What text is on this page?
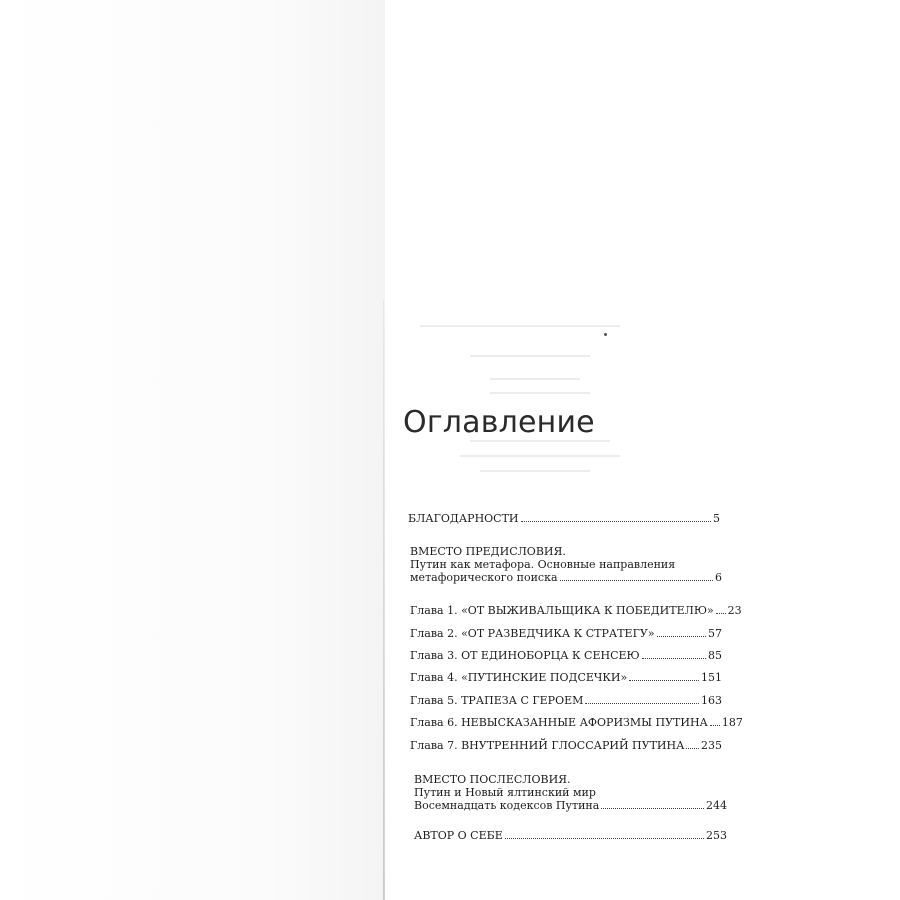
Оглавление
БЛАГОДАРНОСТИ	5
ВМЕСТО ПРЕДИСЛОВИЯ.
Путин как метафора. Основные направления
метафорического поиска	6
Глава 1. «ОТ ВЫЖИВАЛЬЩИКА К ПОБЕДИТЕЛЮ» 23
Глава 2. «ОТ РАЗВЕДЧИКА К СТРАТЕГУ»	57
Глава 3. ОТ ЕДИНОБОРЦА К СЕНСЕЮ	85
Глава 4. «ПУТИНСКИЕ ПОДСЕЧКИ»	151
Глава 5. ТРАПЕЗА С ГЕРОЕМ	163
Глава 6. НЕВЫСКАЗАННЫЕ АФОРИЗМЫ ПУТИНА 187
Глава 7. ВНУТРЕННИЙ ГЛОССАРИЙ ПУТИНА 235
ВМЕСТО ПОСЛЕСЛОВИЯ.
Путин и Новый ялтинский мир
Восемнадцать кодексов Путина	244
АВТОР О СЕБЕ	253
